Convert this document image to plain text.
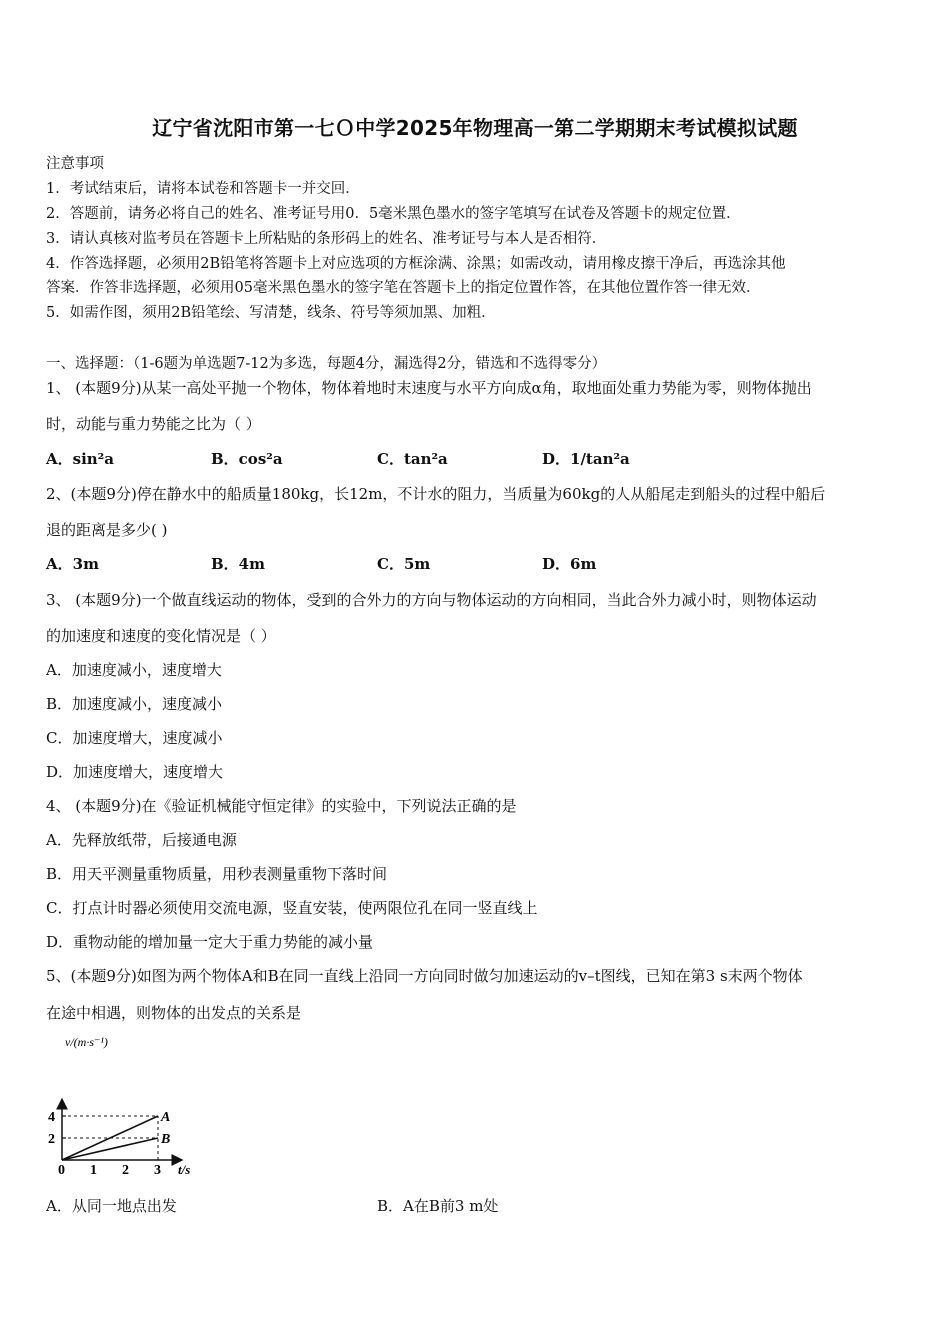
辽宁省沈阳市第一七Ｏ中学2025年物理高一第二学期期末考试模拟试题
注意事项
1．考试结束后，请将本试卷和答题卡一并交回．
2．答题前，请务必将自己的姓名、准考证号用0．5毫米黑色墨水的签字笔填写在试卷及答题卡的规定位置．
3．请认真核对监考员在答题卡上所粘贴的条形码上的姓名、准考证号与本人是否相符．
4．作答选择题，必须用2B铅笔将答题卡上对应选项的方框涂满、涂黑；如需改动，请用橡皮擦干净后，再选涂其他
答案．作答非选择题，必须用05毫米黑色墨水的签字笔在答题卡上的指定位置作答，在其他位置作答一律无效．
5．如需作图，须用2B铅笔绘、写清楚，线条、符号等须加黑、加粗．
一、选择题：（1-6题为单选题7-12为多选，每题4分，漏选得2分，错选和不选得零分）
1、 (本题9分)从某一高处平抛一个物体，物体着地时末速度与水平方向成α角，取地面处重力势能为零，则物体抛出
时，动能与重力势能之比为（ ）
A．sin²a	B．cos²a	C．tan²a	D．1/tan²a
2、(本题9分)停在静水中的船质量180kg，长12m，不计水的阻力，当质量为60kg的人从船尾走到船头的过程中船后
退的距离是多少( )
A．3m	B．4m	C．5m	D．6m
3、 (本题9分)一个做直线运动的物体，受到的合外力的方向与物体运动的方向相同，当此合外力减小时，则物体运动
的加速度和速度的变化情况是（ ）
A．加速度减小，速度增大
B．加速度减小，速度减小
C．加速度增大，速度减小
D．加速度增大，速度增大
4、 (本题9分)在《验证机械能守恒定律》的实验中，下列说法正确的是
A．先释放纸带，后接通电源
B．用天平测量重物质量，用秒表测量重物下落时间
C．打点计时器必须使用交流电源，竖直安装，使两限位孔在同一竖直线上
D．重物动能的增加量一定大于重力势能的减小量
5、(本题9分)如图为两个物体A和B在同一直线上沿同一方向同时做匀加速运动的v–t图线，已知在第3 s末两个物体
在途中相遇，则物体的出发点的关系是
v/(m·s⁻¹)
t/s
0 1 2 3
2
4	A
B
A．从同一地点出发	B．A在B前3 m处
